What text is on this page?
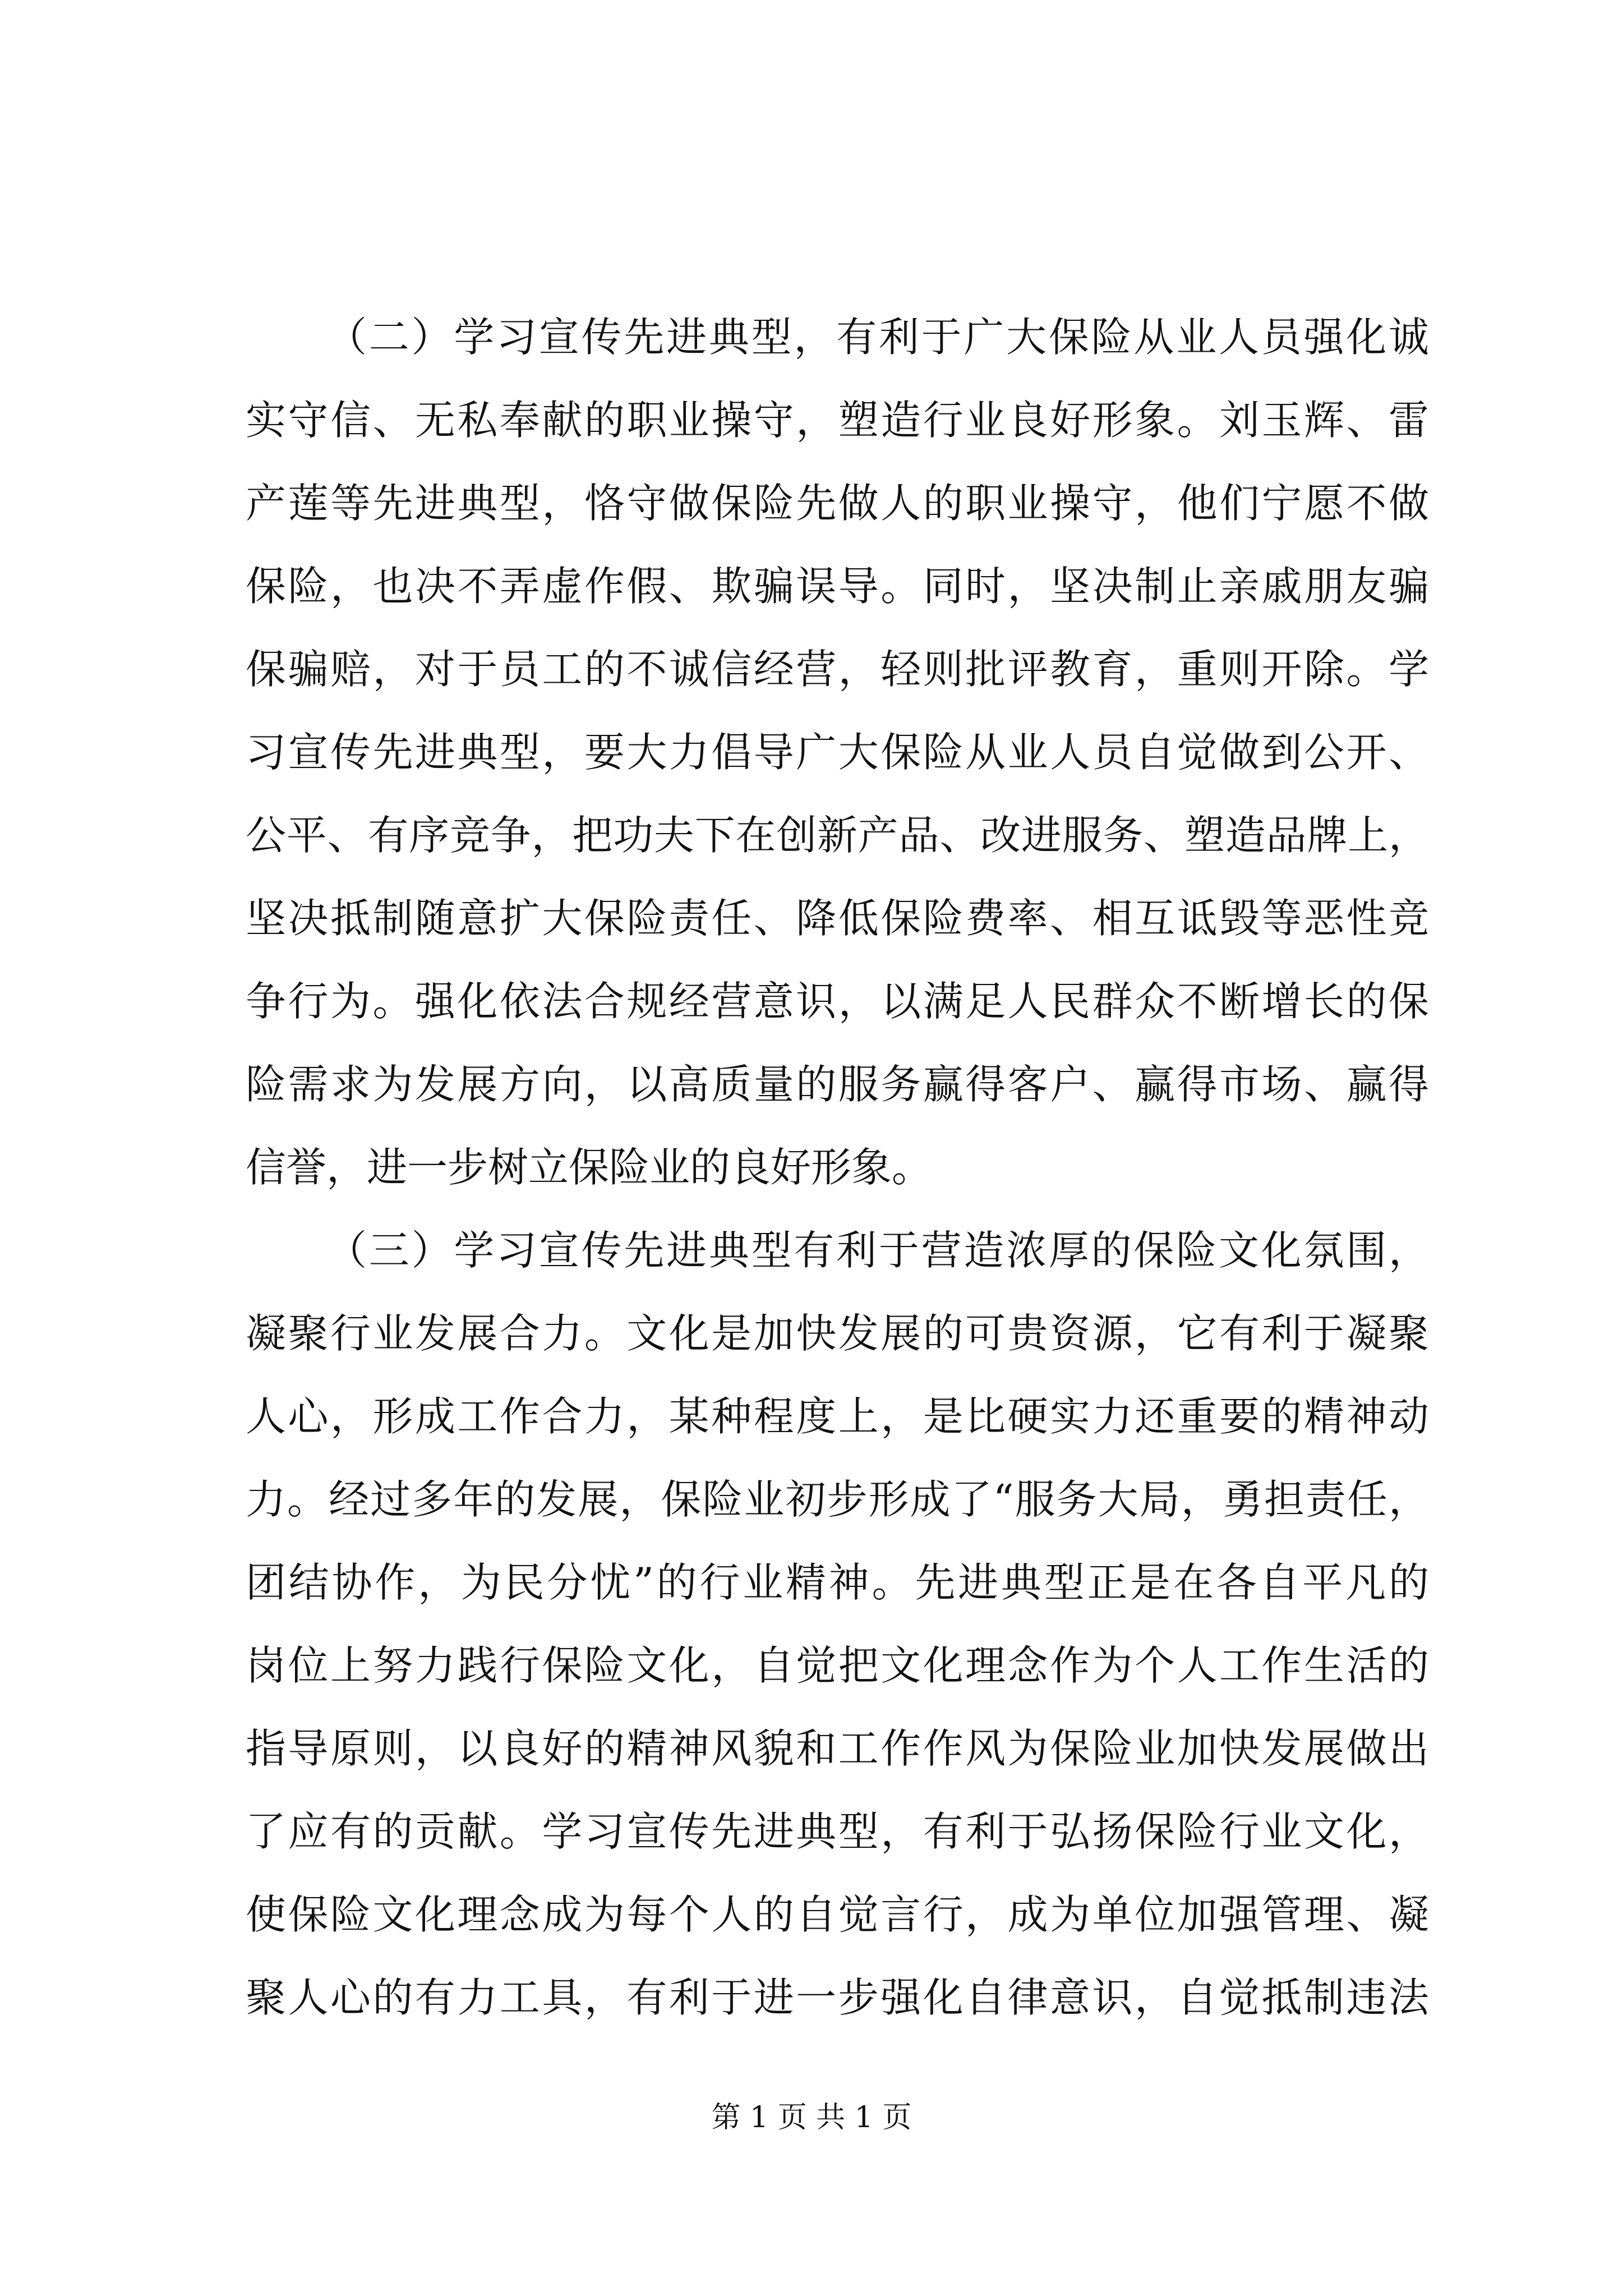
（二）学习宣传先进典型，有利于广大保险从业人员强化诚
实守信、无私奉献的职业操守，塑造行业良好形象。刘玉辉、雷
产莲等先进典型，恪守做保险先做人的职业操守，他们宁愿不做
保险，也决不弄虚作假、欺骗误导。同时，坚决制止亲戚朋友骗
保骗赔，对于员工的不诚信经营，轻则批评教育，重则开除。学
习宣传先进典型，要大力倡导广大保险从业人员自觉做到公开、
公平、有序竞争，把功夫下在创新产品、改进服务、塑造品牌上，
坚决抵制随意扩大保险责任、降低保险费率、相互诋毁等恶性竞
争行为。强化依法合规经营意识，以满足人民群众不断增长的保
险需求为发展方向，以高质量的服务赢得客户、赢得市场、赢得
信誉，进一步树立保险业的良好形象。
（三）学习宣传先进典型有利于营造浓厚的保险文化氛围，
凝聚行业发展合力。文化是加快发展的可贵资源，它有利于凝聚
人心，形成工作合力，某种程度上，是比硬实力还重要的精神动
力。经过多年的发展，保险业初步形成了“服务大局，勇担责任，
团结协作，为民分忧”的行业精神。先进典型正是在各自平凡的
岗位上努力践行保险文化，自觉把文化理念作为个人工作生活的
指导原则，以良好的精神风貌和工作作风为保险业加快发展做出
了应有的贡献。学习宣传先进典型，有利于弘扬保险行业文化，
使保险文化理念成为每个人的自觉言行，成为单位加强管理、凝
聚人心的有力工具，有利于进一步强化自律意识，自觉抵制违法
第 1 页 共 1 页
